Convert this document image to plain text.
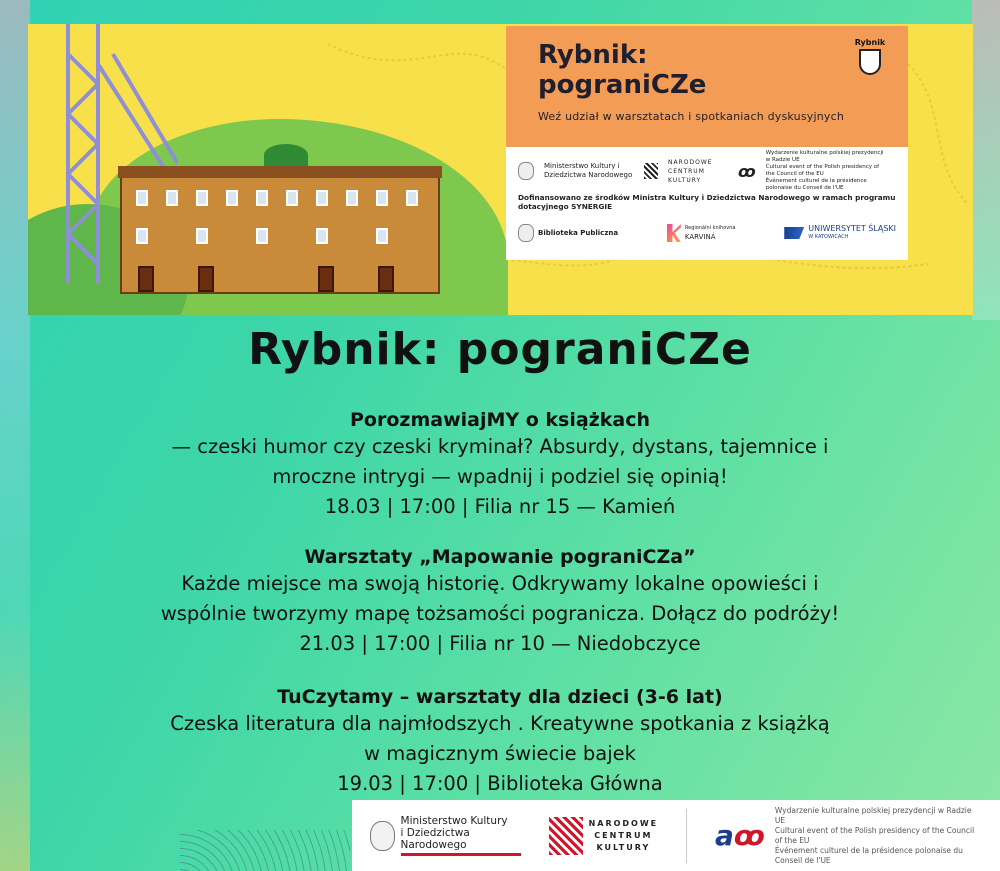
Rybnik:
pograniCZe
Weź udział w warsztatach i spotkaniach dyskusyjnych
Rybnik
Ministerstwo Kultury i Dziedzictwa Narodowego
NARODOWE CENTRUM KULTURY	ꝏ
Wydarzenie kulturalne polskiej prezydencji w Radzie UE
Cultural event of the Polish presidency of the Council of the EU
Événement culturel de la présidence polonaise du Conseil de l'UE
Dofinansowano ze środków Ministra Kultury i Dziedzictwa Narodowego w ramach programu dotacyjnego SYNERGIE
Biblioteka Publiczna
Regionální knihovna
KARVINÁ
UNIWERSYTET ŚLĄSKI
W KATOWICACH
Rybnik: pograniCZe
PorozmawiajMY o książkach
— czeski humor czy czeski kryminał? Absurdy, dystans, tajemnice i
mroczne intrygi — wpadnij i podziel się opinią!
18.03 | 17:00 | Filia nr 15 — Kamień
Warsztaty „Mapowanie pograniCZa”
Każde miejsce ma swoją historię. Odkrywamy lokalne opowieści i
wspólnie tworzymy mapę tożsamości pogranicza. Dołącz do podróży!
21.03 | 17:00 | Filia nr 10 — Niedobczyce
TuCzytamy – warsztaty dla dzieci (3-6 lat)
Czeska literatura dla najmłodszych . Kreatywne spotkania z książką
w magicznym świecie bajek
19.03 | 17:00 | Biblioteka Główna
Ministerstwo Kultury
i Dziedzictwa Narodowego
NARODOWE
CENTRUM
KULTURY aꝏ
Wydarzenie kulturalne polskiej prezydencji w Radzie UE
Cultural event of the Polish presidency of the Council of the EU
Événement culturel de la présidence polonaise du Conseil de l'UE
